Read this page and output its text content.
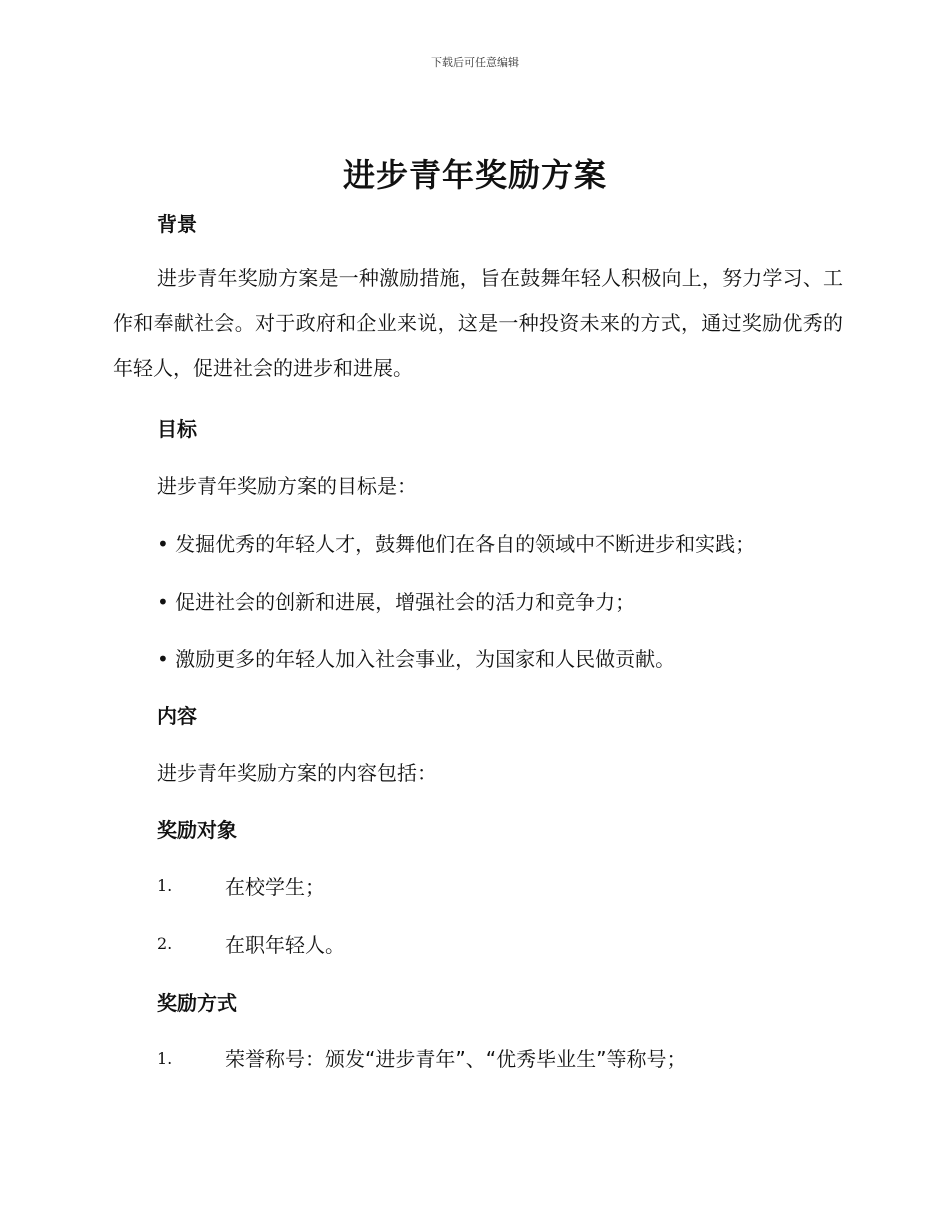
下载后可任意编辑
进步青年奖励方案
背景

进步青年奖励方案是一种激励措施，旨在鼓舞年轻人积极向上，努力学习、工作和奉献社会。对于政府和企业来说，这是一种投资未来的方式，通过奖励优秀的年轻人，促进社会的进步和进展。

目标
进步青年奖励方案的目标是：
• 发掘优秀的年轻人才，鼓舞他们在各自的领域中不断进步和实践；
• 促进社会的创新和进展，增强社会的活力和竞争力；
• 激励更多的年轻人加入社会事业，为国家和人民做贡献。
内容
进步青年奖励方案的内容包括：
奖励对象
1.	在校学生；
2.	在职年轻人。
奖励方式
1.	荣誉称号：颁发“进步青年”、“优秀毕业生”等称号；
